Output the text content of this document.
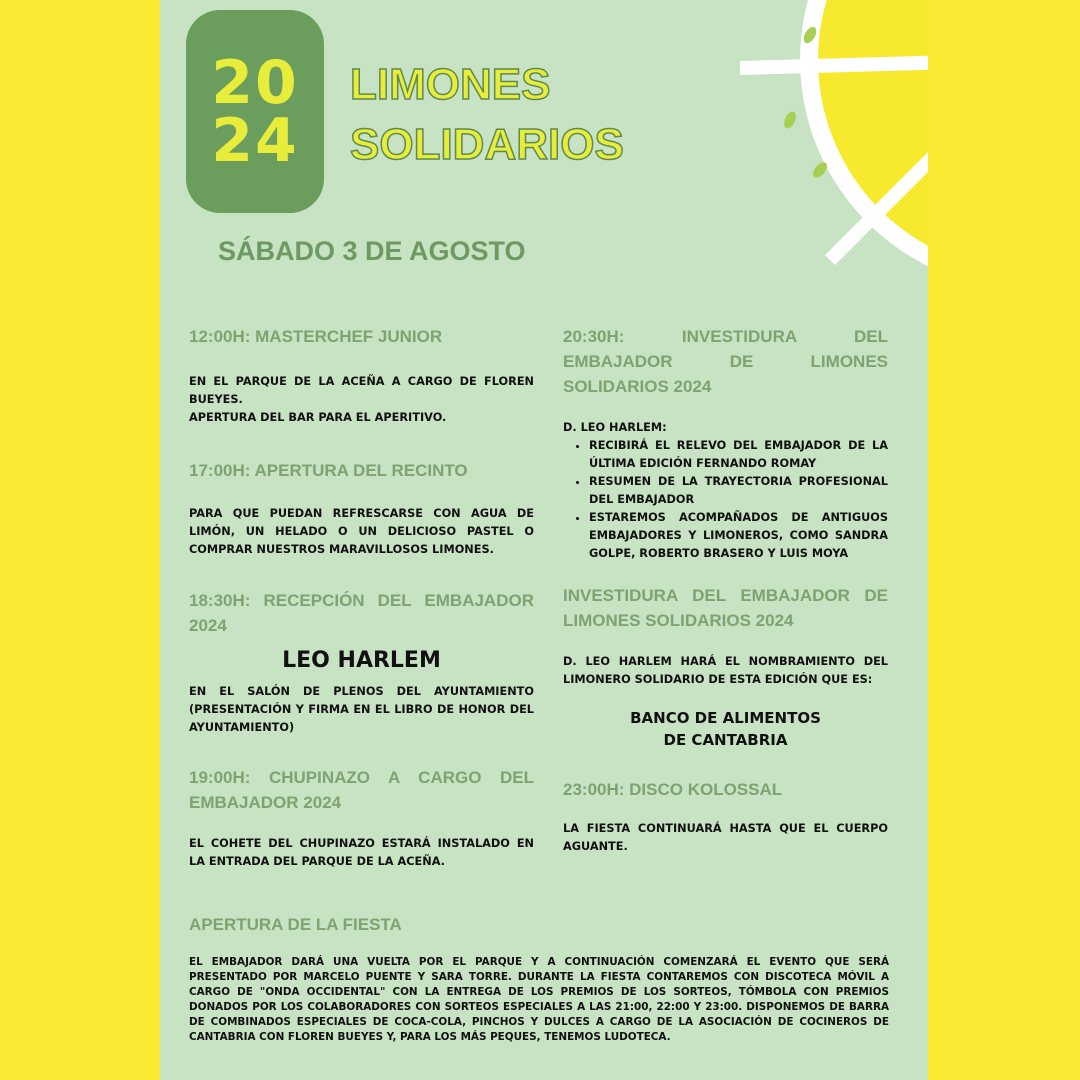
20
24
LIMONES
SOLIDARIOS
SÁBADO 3 DE AGOSTO

12:00H: MASTERCHEF JUNIOR

EN EL PARQUE DE LA ACEÑA A CARGO DE FLOREN BUEYES.

APERTURA DEL BAR PARA EL APERITIVO.

17:00H: APERTURA DEL RECINTO

PARA QUE PUEDAN REFRESCARSE CON AGUA DE LIMÓN, UN HELADO O UN DELICIOSO PASTEL O COMPRAR NUESTROS MARAVILLOSOS LIMONES.

18:30H: RECEPCIÓN DEL EMBAJADOR 2024

LEO HARLEM

EN EL SALÓN DE PLENOS DEL AYUNTAMIENTO (PRESENTACIÓN Y FIRMA EN EL LIBRO DE HONOR DEL AYUNTAMIENTO)

19:00H: CHUPINAZO A CARGO DEL EMBAJADOR 2024

EL COHETE DEL CHUPINAZO ESTARÁ INSTALADO EN LA ENTRADA DEL PARQUE DE LA ACEÑA.

20:30H: INVESTIDURA DEL EMBAJADOR DE LIMONES SOLIDARIOS 2024

D. LEO HARLEM:

• RECIBIRÁ EL RELEVO DEL EMBAJADOR DE LA ÚLTIMA EDICIÓN FERNANDO ROMAY
• RESUMEN DE LA TRAYECTORIA PROFESIONAL DEL EMBAJADOR
• ESTAREMOS ACOMPAÑADOS DE ANTIGUOS EMBAJADORES Y LIMONEROS, COMO SANDRA GOLPE, ROBERTO BRASERO Y LUIS MOYA

INVESTIDURA DEL EMBAJADOR DE LIMONES SOLIDARIOS 2024

D. LEO HARLEM HARÁ EL NOMBRAMIENTO DEL LIMONERO SOLIDARIO DE ESTA EDICIÓN QUE ES:

BANCO DE ALIMENTOS

DE CANTABRIA

23:00H: DISCO KOLOSSAL

LA FIESTA CONTINUARÁ HASTA QUE EL CUERPO AGUANTE.

APERTURA DE LA FIESTA

EL EMBAJADOR DARÁ UNA VUELTA POR EL PARQUE Y A CONTINUACIÓN COMENZARÁ EL EVENTO QUE SERÁ PRESENTADO POR MARCELO PUENTE Y SARA TORRE. DURANTE LA FIESTA CONTAREMOS CON DISCOTECA MÓVIL A CARGO DE "ONDA OCCIDENTAL" CON LA ENTREGA DE LOS PREMIOS DE LOS SORTEOS, TÓMBOLA CON PREMIOS DONADOS POR LOS COLABORADORES CON SORTEOS ESPECIALES A LAS 21:00, 22:00 Y 23:00. DISPONEMOS DE BARRA DE COMBINADOS ESPECIALES DE COCA-COLA, PINCHOS Y DULCES A CARGO DE LA ASOCIACIÓN DE COCINEROS DE CANTABRIA CON FLOREN BUEYES Y, PARA LOS MÁS PEQUES, TENEMOS LUDOTECA.
